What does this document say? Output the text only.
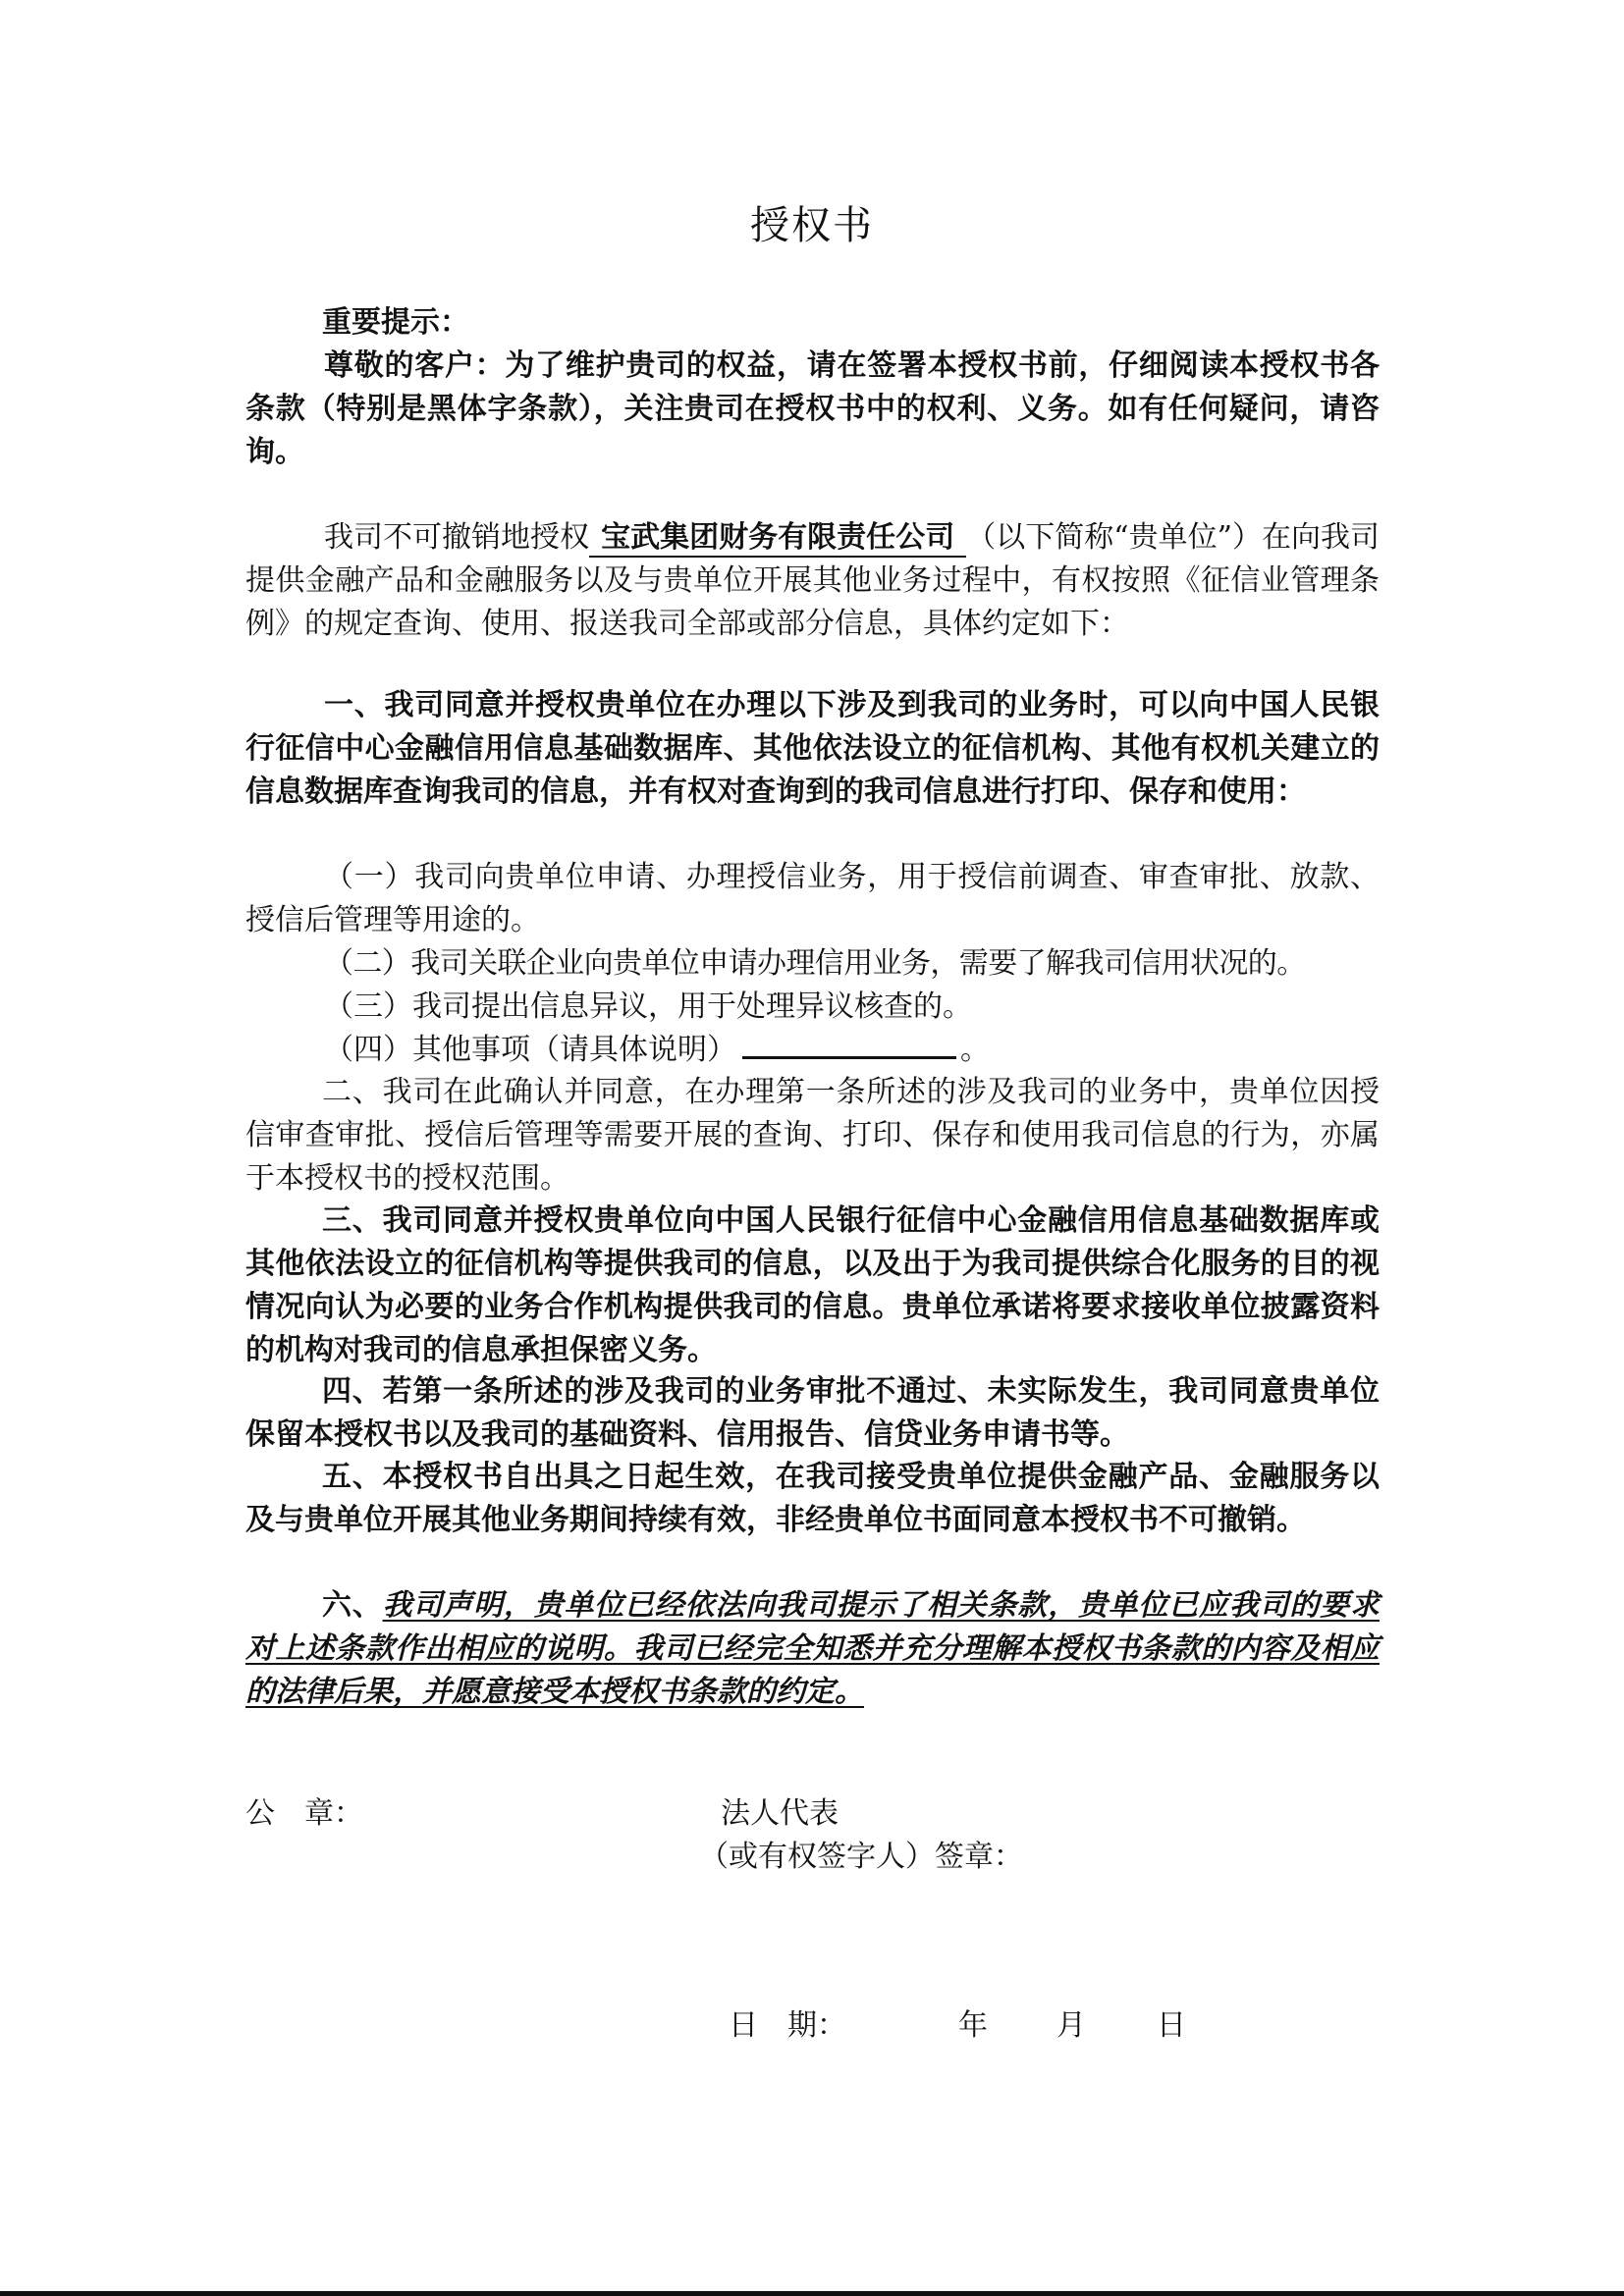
授权书
重要提示：
尊敬的客户：为了维护贵司的权益，请在签署本授权书前，仔细阅读本授权书各条款（特别是黑体字条款），关注贵司在授权书中的权利、义务。如有任何疑问，请咨询。
我司不可撤销地授权 宝武集团财务有限责任公司 （以下简称“贵单位”）在向我司提供金融产品和金融服务以及与贵单位开展其他业务过程中，有权按照《征信业管理条例》的规定查询、使用、报送我司全部或部分信息，具体约定如下：
一、我司同意并授权贵单位在办理以下涉及到我司的业务时，可以向中国人民银行征信中心金融信用信息基础数据库、其他依法设立的征信机构、其他有权机关建立的信息数据库查询我司的信息，并有权对查询到的我司信息进行打印、保存和使用：
（一）我司向贵单位申请、办理授信业务，用于授信前调查、审查审批、放款、授信后管理等用途的。
（二）我司关联企业向贵单位申请办理信用业务，需要了解我司信用状况的。
（三）我司提出信息异议，用于处理异议核查的。
（四）其他事项（请具体说明）	。
二、我司在此确认并同意，在办理第一条所述的涉及我司的业务中，贵单位因授信审查审批、授信后管理等需要开展的查询、打印、保存和使用我司信息的行为，亦属于本授权书的授权范围。
三、我司同意并授权贵单位向中国人民银行征信中心金融信用信息基础数据库或其他依法设立的征信机构等提供我司的信息，以及出于为我司提供综合化服务的目的视情况向认为必要的业务合作机构提供我司的信息。贵单位承诺将要求接收单位披露资料的机构对我司的信息承担保密义务。
四、若第一条所述的涉及我司的业务审批不通过、未实际发生，我司同意贵单位保留本授权书以及我司的基础资料、信用报告、信贷业务申请书等。
五、本授权书自出具之日起生效，在我司接受贵单位提供金融产品、金融服务以及与贵单位开展其他业务期间持续有效，非经贵单位书面同意本授权书不可撤销。
六、我司声明，贵单位已经依法向我司提示了相关条款，贵单位已应我司的要求对上述条款作出相应的说明。我司已经完全知悉并充分理解本授权书条款的内容及相应的法律后果，并愿意接受本授权书条款的约定。
公　章：	法人代表
（或有权签字人）签章：
日　期：	年 月 日
